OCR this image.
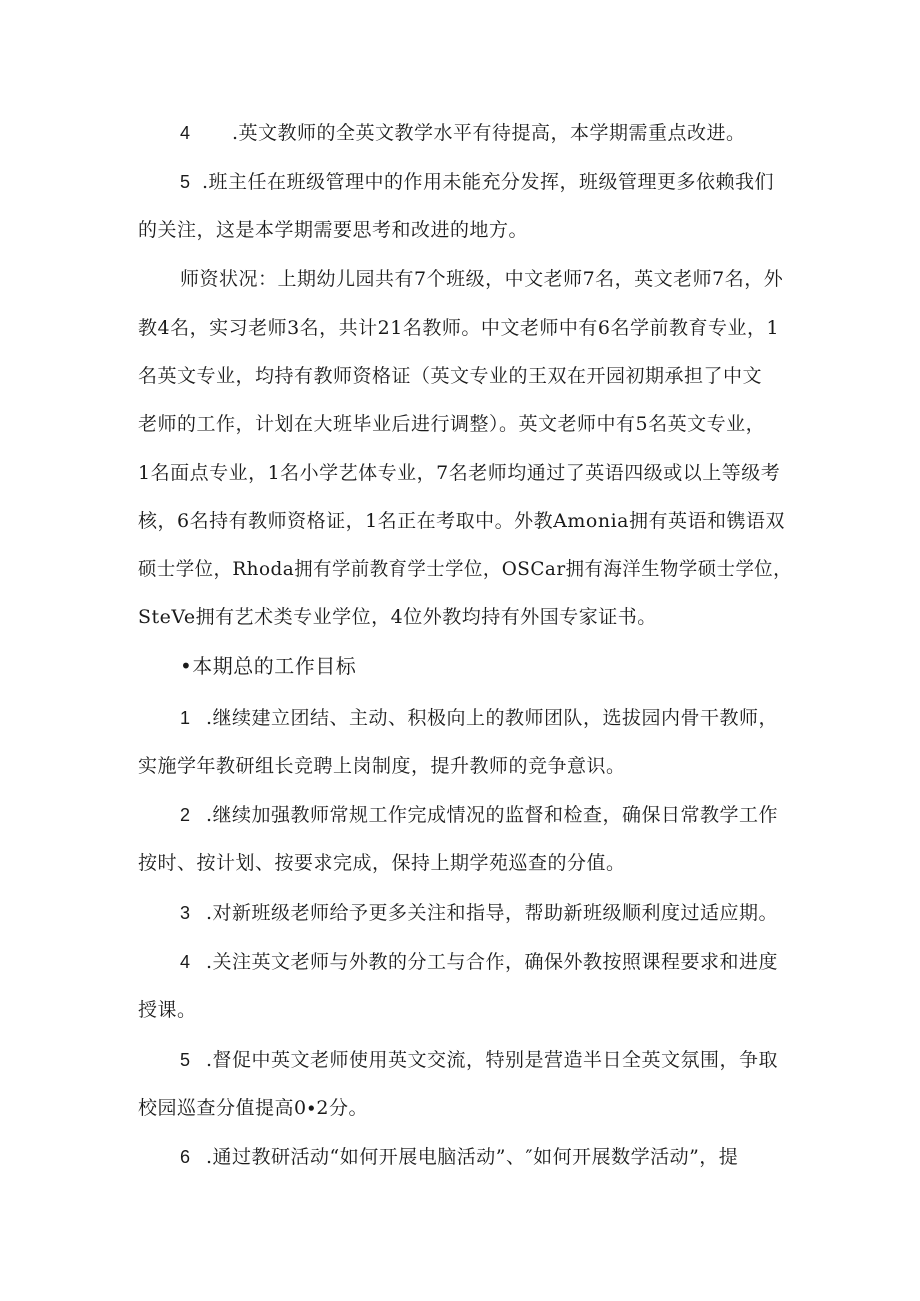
4 .英文教师的全英文教学水平有待提高，本学期需重点改进。
5 .班主任在班级管理中的作用未能充分发挥，班级管理更多依赖我们
的关注，这是本学期需要思考和改进的地方。
师资状况：上期幼儿园共有7个班级，中文老师7名，英文老师7名，外
教4名，实习老师3名，共计21名教师。中文老师中有6名学前教育专业，1
名英文专业，均持有教师资格证（英文专业的王双在开园初期承担了中文
老师的工作，计划在大班毕业后进行调整）。英文老师中有5名英文专业，
1名面点专业，1名小学艺体专业，7名老师均通过了英语四级或以上等级考
核，6名持有教师资格证，1名正在考取中。外教Amonia拥有英语和镌语双
硕士学位，Rhoda拥有学前教育学士学位，OSCar拥有海洋生物学硕士学位，
SteVe拥有艺术类专业学位，4位外教均持有外国专家证书。
•本期总的工作目标
1 .继续建立团结、主动、积极向上的教师团队，选拔园内骨干教师，
实施学年教研组长竞聘上岗制度，提升教师的竞争意识。
2 .继续加强教师常规工作完成情况的监督和检查，确保日常教学工作
按时、按计划、按要求完成，保持上期学苑巡查的分值。
3 .对新班级老师给予更多关注和指导，帮助新班级顺利度过适应期。
4 .关注英文老师与外教的分工与合作，确保外教按照课程要求和进度
授课。
5 .督促中英文老师使用英文交流，特别是营造半日全英文氛围，争取
校园巡查分值提高0∙2分。
6 .通过教研活动“如何开展电脑活动”、″如何开展数学活动”，提
